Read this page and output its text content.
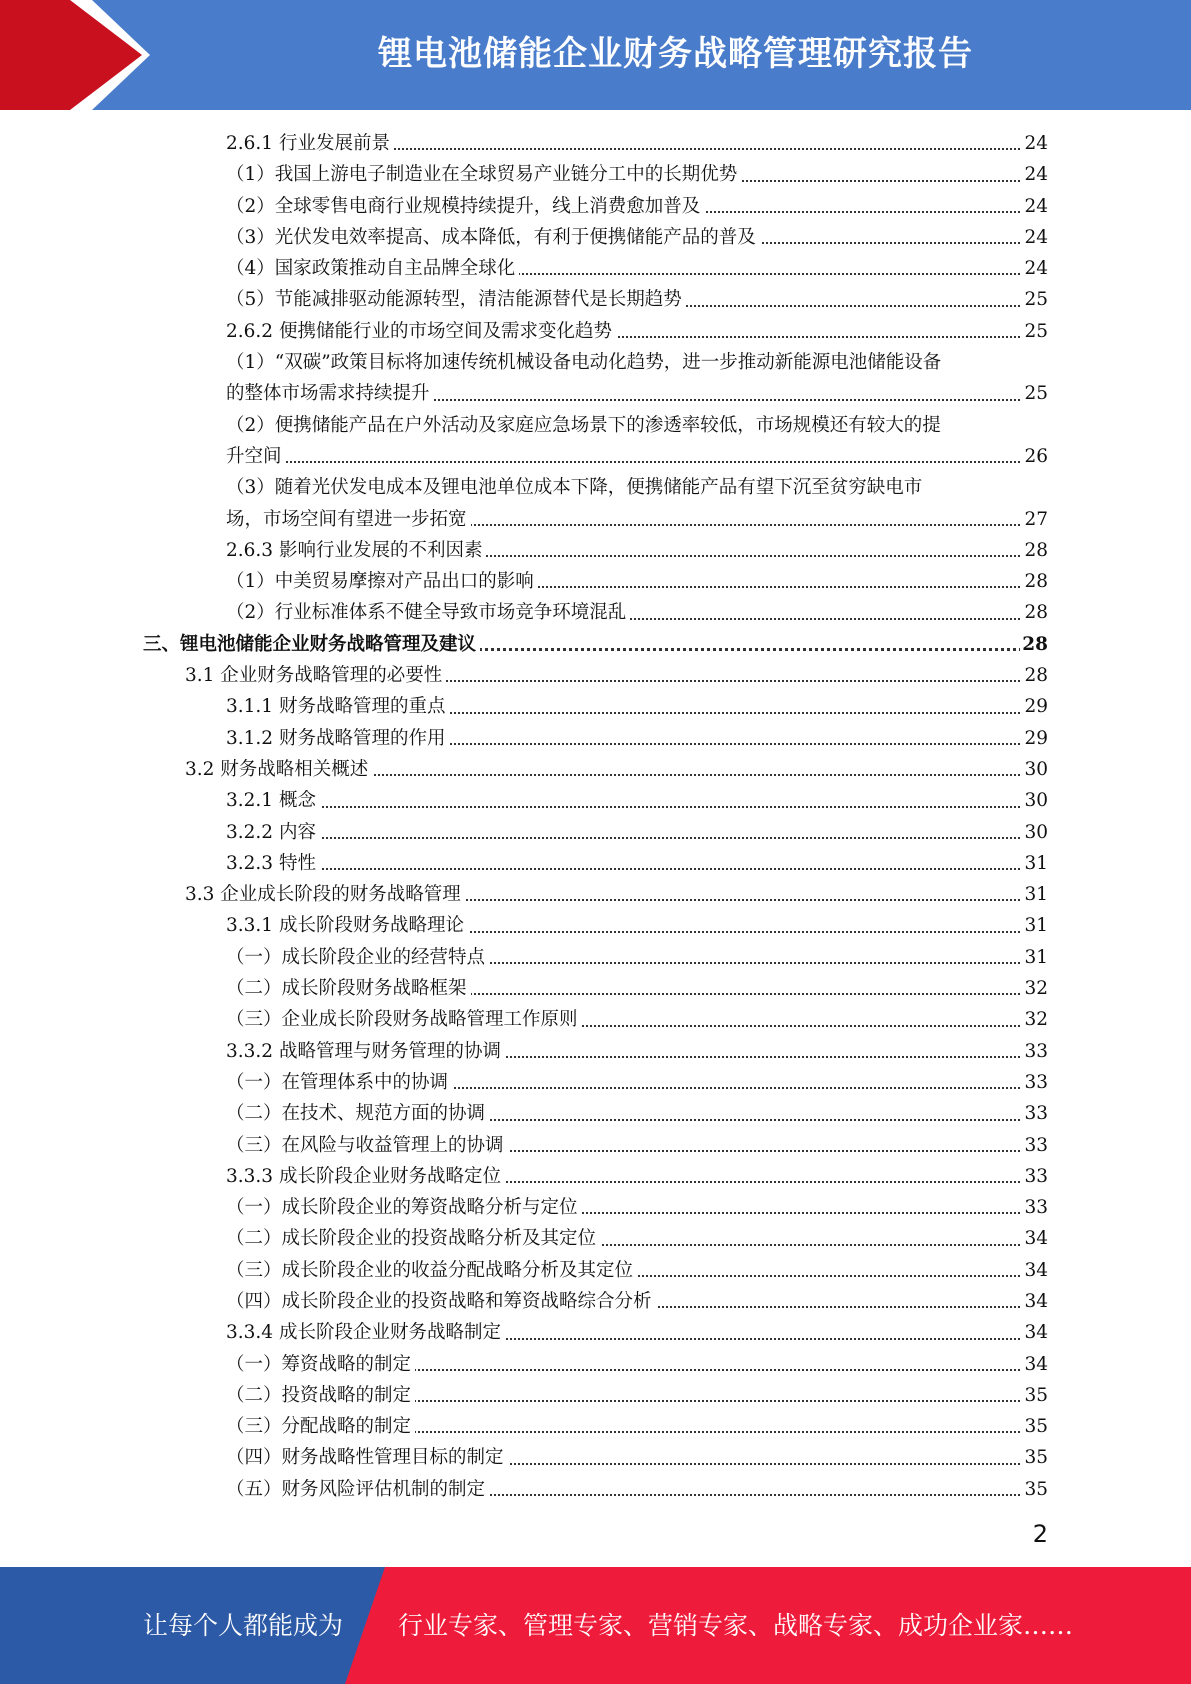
锂电池储能企业财务战略管理研究报告
2.6.1 行业发展前景	24
（1）我国上游电子制造业在全球贸易产业链分工中的长期优势	24
（2）全球零售电商行业规模持续提升，线上消费愈加普及	24
（3）光伏发电效率提高、成本降低，有利于便携储能产品的普及	24
（4）国家政策推动自主品牌全球化	24
（5）节能减排驱动能源转型，清洁能源替代是长期趋势	25
2.6.2 便携储能行业的市场空间及需求变化趋势	25
（1）“双碳”政策目标将加速传统机械设备电动化趋势，进一步推动新能源电池储能设备
的整体市场需求持续提升	25
（2）便携储能产品在户外活动及家庭应急场景下的渗透率较低，市场规模还有较大的提
升空间	26
（3）随着光伏发电成本及锂电池单位成本下降，便携储能产品有望下沉至贫穷缺电市
场，市场空间有望进一步拓宽	27
2.6.3 影响行业发展的不利因素	28
（1）中美贸易摩擦对产品出口的影响	28
（2）行业标准体系不健全导致市场竞争环境混乱	28
三、锂电池储能企业财务战略管理及建议	28
3.1 企业财务战略管理的必要性	28
3.1.1 财务战略管理的重点	29
3.1.2 财务战略管理的作用	29
3.2 财务战略相关概述	30
3.2.1 概念	30
3.2.2 内容	30
3.2.3 特性	31
3.3 企业成长阶段的财务战略管理	31
3.3.1 成长阶段财务战略理论	31
（一）成长阶段企业的经营特点	31
（二）成长阶段财务战略框架	32
（三）企业成长阶段财务战略管理工作原则	32
3.3.2 战略管理与财务管理的协调	33
（一）在管理体系中的协调	33
（二）在技术、规范方面的协调	33
（三）在风险与收益管理上的协调	33
3.3.3 成长阶段企业财务战略定位	33
（一）成长阶段企业的筹资战略分析与定位	33
（二）成长阶段企业的投资战略分析及其定位	34
（三）成长阶段企业的收益分配战略分析及其定位	34
（四）成长阶段企业的投资战略和筹资战略综合分析	34
3.3.4 成长阶段企业财务战略制定	34
（一）筹资战略的制定	34
（二）投资战略的制定	35
（三）分配战略的制定	35
（四）财务战略性管理目标的制定	35
（五）财务风险评估机制的制定	35
2
让每个人都能成为 行业专家、管理专家、营销专家、战略专家、成功企业家……
